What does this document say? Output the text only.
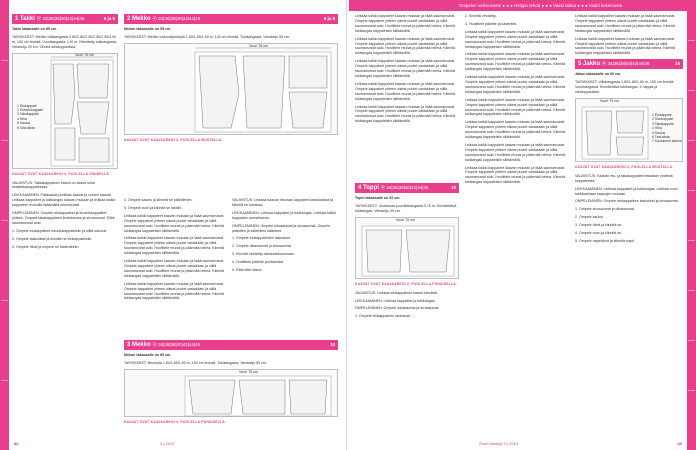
1 Takki ⦿ 34|36|38|40|42|44|46	6 ja 8

Takin takaosalle on 85 cm.

TARVIKKEET: Merkin villakangasta 2,80/2,85/2,90/2,95/2,95/3,00 m, 150 cm leveää. Vuorikangasta 1,40 m. Kiinnitetty tukikangasta. Vetoketju 20 cm. Ohuita olkatoppauksia.

Vuori 75 cm
1 Etukappale
2 Sivuetukappale
3 Takakappale
4 Hiha
5 Kaulus
6 Taskulista
KAAVAT OVAT KAAVAARKIN 2, PUOLELLA SININELLÄ.

VALMISTUS: Takkakappaleen kaava on kaava sekä keskitakakappaleessa.

LEIKKAAMINEN: Pääkaavat puolikas kaavat ja vuoren kaavat. Leikkaa kappaleet ja tukikangas kaavan mukaan ja leikkaa kaikki kappaleet reunoilla lisäämällä ommelvarat.

OMPELEMINEN: Ompele etukappaleet ja sivuetukappaleet yhteen. Ompele takakappaleen keskisauma ja sivusaumat. Silitä saumanvarat auki.

1. Ompele etukappaleet sivuetukappaleisiin ja silitä saumat.

2. Ompele taskulistat ja kiinnitä ne etukappaleisiin.

3. Ompele hihat ja ompele ne kädenteihin.

4. Ompele kaulus ja kiinnitä se pääntiehen.

5. Ompele vuori ja kiinnitä se takkiin.

Leikkaa kaikki kappaleet kaavan mukaan ja lisää saumanvarat. Ompele kappaleet yhteen oikeat puolet vastakkain ja silitä saumanvarat auki. Huolittele reunat ja päärmää helma. Kiinnitä tukikangas kappaleisiin silittämällä.

Leikkaa kaikki kappaleet kaavan mukaan ja lisää saumanvarat. Ompele kappaleet yhteen oikeat puolet vastakkain ja silitä saumanvarat auki. Huolittele reunat ja päärmää helma. Kiinnitä tukikangas kappaleisiin silittämällä.

Leikkaa kaikki kappaleet kaavan mukaan ja lisää saumanvarat. Ompele kappaleet yhteen oikeat puolet vastakkain ja silitä saumanvarat auki. Huolittele reunat ja päärmää helma. Kiinnitä tukikangas kappaleisiin silittämällä.

Leikkaa kaikki kappaleet kaavan mukaan ja lisää saumanvarat. Ompele kappaleet yhteen oikeat puolet vastakkain ja silitä saumanvarat auki. Huolittele reunat ja päärmää helma. Kiinnitä tukikangas kappaleisiin silittämällä.

2 Mekko ⦿ 34|36|38|40|42|44|46	6 ja 9

Mekon takaosalle on 95 cm.

TARVIKKEET: Merkin viskoosijerseytä 1,80/1,85/1,90 m, 140 cm leveää. Tukikangasta. Vetoketju 55 cm.

Vuori 78 cm
KAAVAT OVAT KAAVAARKIN 2, PUOLELLA MUSTALLA.

VALMISTUS: Leikkaa kaavan etuosan kappaleet keskiosasta ja kiinnitä ne toisiinsa.

LEIKKAAMINEN: Leikkaa kappaleet ja tukikangas. Leikkaa kaikki kappaleet ommelvaroin.

OMPELEMINEN: Ompele olkasaumat ja sivusaumat. Ompele pääntien ja kädentien käänteet.

1. Ompele etukappaleiden laskokset.

2. Ompele olkasaumat ja sivusaumat.

3. Kiinnitä vetoketju takakeskisaumaan.

4. Huolittele pääntie ja kädentiet.

5. Päärmää helma.

3 Mekko ⦿ 34|36|38|40|42|44|46	10

Mekon takaosalle on 85 cm.

TARVIKKEET: Neulosta 1,80/1,85/1,90 m, 150 cm leveää. Tukikangasta. Vetoketju 55 cm.

Vuori 75 cm
KAAVAT OVAT KAAVAARKIN 2, PUOLELLA PUNAISELLA.
88	2 | 2019
Ompelun vaikeusaste ● ● ● Helppo tehdä ● ● ● Vaatii taitoa ● ● ● Vaatii kokemusta

Leikkaa kaikki kappaleet kaavan mukaan ja lisää saumanvarat. Ompele kappaleet yhteen oikeat puolet vastakkain ja silitä saumanvarat auki. Huolittele reunat ja päärmää helma. Kiinnitä tukikangas kappaleisiin silittämällä.

Leikkaa kaikki kappaleet kaavan mukaan ja lisää saumanvarat. Ompele kappaleet yhteen oikeat puolet vastakkain ja silitä saumanvarat auki. Huolittele reunat ja päärmää helma. Kiinnitä tukikangas kappaleisiin silittämällä.

Leikkaa kaikki kappaleet kaavan mukaan ja lisää saumanvarat. Ompele kappaleet yhteen oikeat puolet vastakkain ja silitä saumanvarat auki. Huolittele reunat ja päärmää helma. Kiinnitä tukikangas kappaleisiin silittämällä.

Leikkaa kaikki kappaleet kaavan mukaan ja lisää saumanvarat. Ompele kappaleet yhteen oikeat puolet vastakkain ja silitä saumanvarat auki. Huolittele reunat ja päärmää helma. Kiinnitä tukikangas kappaleisiin silittämällä.

Leikkaa kaikki kappaleet kaavan mukaan ja lisää saumanvarat. Ompele kappaleet yhteen oikeat puolet vastakkain ja silitä saumanvarat auki. Huolittele reunat ja päärmää helma. Kiinnitä tukikangas kappaleisiin silittämällä.

4 Toppi ⦿ 34|36|38|40|42|44|46	10

Topin takaosalle on 52 cm.

TARVIKKEET: Joustavaa puuvillakangasta 0,75 m. Kiinnitettävä tukikangas. Vetoketju 35 cm.

Vuori 70 cm
KAAVAT OVAT KAAVAARKIN 2, PUOLELLA PUNAISELLA.

VALMISTUS: Leikkaa etukappaleen kaava kahdesti.

LEIKKAAMINEN: Leikkaa kappaleet ja tukikangas.

OMPELEMINEN: Ompele olkasaumat ja sivusaumat.

1. Ompele etukappaleen laskokset.

2. Kiinnitä vetoketju.

3. Huolittele pääntie ja kädentiet.

Leikkaa kaikki kappaleet kaavan mukaan ja lisää saumanvarat. Ompele kappaleet yhteen oikeat puolet vastakkain ja silitä saumanvarat auki. Huolittele reunat ja päärmää helma. Kiinnitä tukikangas kappaleisiin silittämällä.

Leikkaa kaikki kappaleet kaavan mukaan ja lisää saumanvarat. Ompele kappaleet yhteen oikeat puolet vastakkain ja silitä saumanvarat auki. Huolittele reunat ja päärmää helma. Kiinnitä tukikangas kappaleisiin silittämällä.

Leikkaa kaikki kappaleet kaavan mukaan ja lisää saumanvarat. Ompele kappaleet yhteen oikeat puolet vastakkain ja silitä saumanvarat auki. Huolittele reunat ja päärmää helma. Kiinnitä tukikangas kappaleisiin silittämällä.

Leikkaa kaikki kappaleet kaavan mukaan ja lisää saumanvarat. Ompele kappaleet yhteen oikeat puolet vastakkain ja silitä saumanvarat auki. Huolittele reunat ja päärmää helma. Kiinnitä tukikangas kappaleisiin silittämällä.

Leikkaa kaikki kappaleet kaavan mukaan ja lisää saumanvarat. Ompele kappaleet yhteen oikeat puolet vastakkain ja silitä saumanvarat auki. Huolittele reunat ja päärmää helma. Kiinnitä tukikangas kappaleisiin silittämällä.

Leikkaa kaikki kappaleet kaavan mukaan ja lisää saumanvarat. Ompele kappaleet yhteen oikeat puolet vastakkain ja silitä saumanvarat auki. Huolittele reunat ja päärmää helma. Kiinnitä tukikangas kappaleisiin silittämällä.

Leikkaa kaikki kappaleet kaavan mukaan ja lisää saumanvarat. Ompele kappaleet yhteen oikeat puolet vastakkain ja silitä saumanvarat auki. Huolittele reunat ja päärmää helma. Kiinnitä tukikangas kappaleisiin silittämällä.

Leikkaa kaikki kappaleet kaavan mukaan ja lisää saumanvarat. Ompele kappaleet yhteen oikeat puolet vastakkain ja silitä saumanvarat auki. Huolittele reunat ja päärmää helma. Kiinnitä tukikangas kappaleisiin silittämällä.

Leikkaa kaikki kappaleet kaavan mukaan ja lisää saumanvarat. Ompele kappaleet yhteen oikeat puolet vastakkain ja silitä saumanvarat auki. Huolittele reunat ja päärmää helma. Kiinnitä tukikangas kappaleisiin silittämällä.

5 Jakku ⦿ 34|36|38|40|42|44|46	15

Jakun takaosalle on 60 cm.

TARVIKKEET: Villakangasta 1,80/1,85/1,90 m, 150 cm leveää. Vuorikangasta. Kiinnitettävä tukikangas. 4 nappia ja olkatoppaukset.

Vuori 75 cm
1 Etukappale
2 Sivukappale
3 Takakappale
4 Hiha
5 Kaulus
6 Taskulista
7 Kauluksen alaosa
KAAVAT OVAT KAAVAARKIN 2, PUOLELLA MUSTALLA.

VALMISTUS: Kaavan etu- ja takakappaleet leikataan yhdestä kappaleesta.

LEIKKAAMINEN: Leikkaa kappaleet ja tukikangas. Leikkaa vuori takkikankaan kaavojen mukaan.

OMPELEMINEN: Ompele etukappaleen laskokset ja sivusaumat.

1. Ompele sivusaumat ja olkasaumat.

2. Ompele kaulus.

3. Ompele hihat ja kiinnitä ne.

4. Ompele vuori ja kiinnitä se.

5. Ompele napinlävet ja kiinnitä napit.

Suuri Käsityö 2 | 2019	89
